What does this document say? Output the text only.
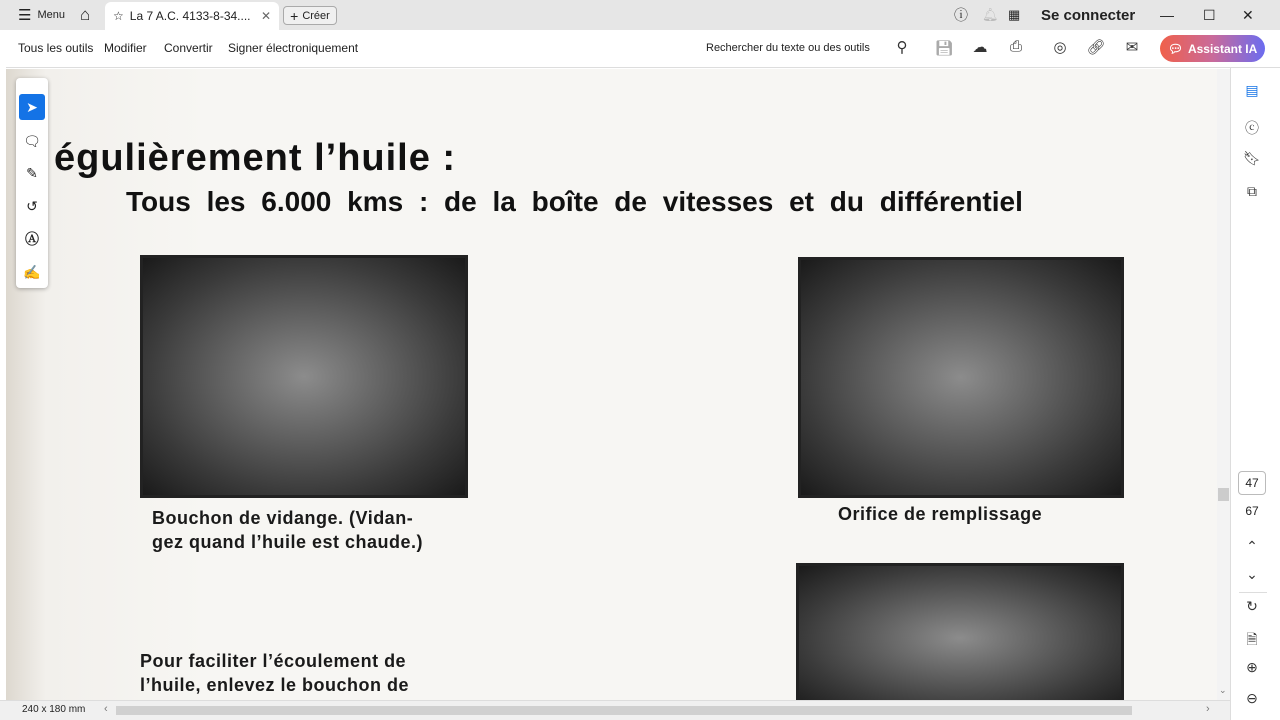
☰ Menu ⌂ ☆ La 7 A.C. 4133-8-34.... ✕ + Créer	ⓘ 🔔︎ ▦ Se connecter — ☐ ✕
Tous les outils Modifier Convertir Signer électroniquement	Rechercher du texte ou des outils	⚲	💾︎ ☁ ⎙ ◎ 🔗︎ ✉	💬︎ Assistant IA
égulièrement l’huile :
Tous les 6.000 kms : de la boîte de vitesses et du différentiel
Bouchon de vidange. (Vidan-
gez quand l’huile est chaude.)
Orifice de remplissage
Pour faciliter l’écoulement de
l’huile, enlevez le bouchon de
➤
🗨︎
✎
↺
Ⓐ
✍
⌄
▤
ⓒ
🔖︎
⧉
47
67
⌃
⌄
↻
🗎︎
⊕
⊖
240 x 180 mm ‹	›
